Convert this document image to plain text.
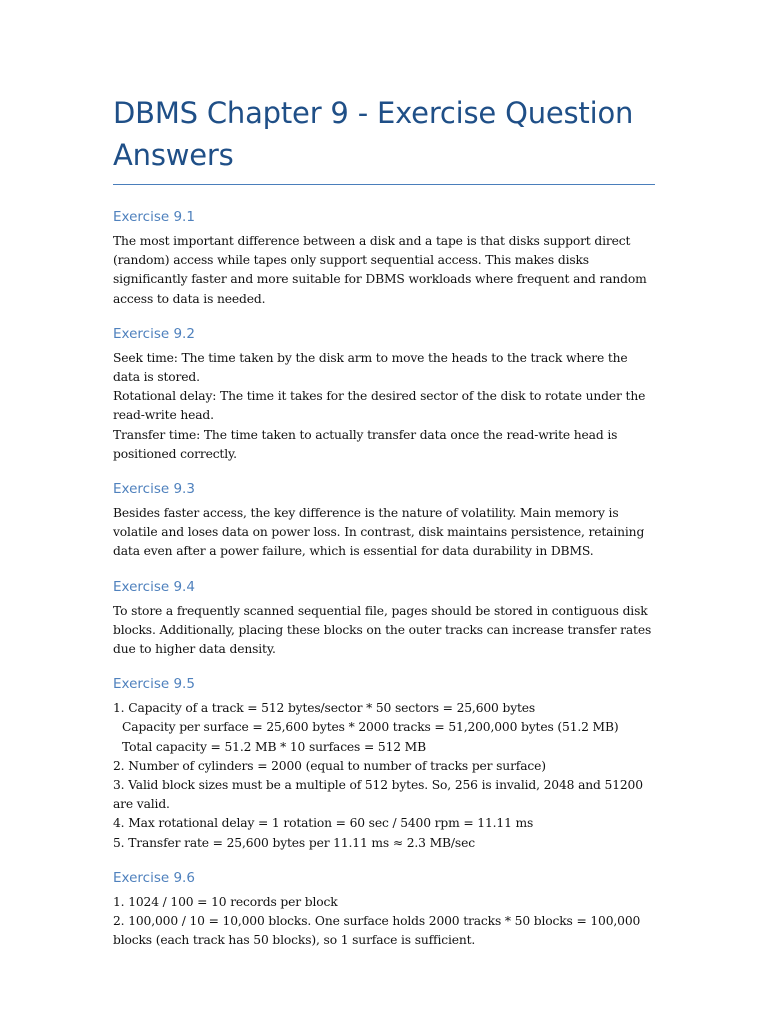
DBMS Chapter 9 - Exercise Question Answers
Exercise 9.1

The most important difference between a disk and a tape is that disks support direct (random) access while tapes only support sequential access. This makes disks significantly faster and more suitable for DBMS workloads where frequent and random access to data is needed.

Exercise 9.2

Seek time: The time taken by the disk arm to move the heads to the track where the data is stored.

Rotational delay: The time it takes for the desired sector of the disk to rotate under the read-write head.

Transfer time: The time taken to actually transfer data once the read-write head is positioned correctly.

Exercise 9.3

Besides faster access, the key difference is the nature of volatility. Main memory is volatile and loses data on power loss. In contrast, disk maintains persistence, retaining data even after a power failure, which is essential for data durability in DBMS.

Exercise 9.4

To store a frequently scanned sequential file, pages should be stored in contiguous disk blocks. Additionally, placing these blocks on the outer tracks can increase transfer rates due to higher data density.

Exercise 9.5

1. Capacity of a track = 512 bytes/sector * 50 sectors = 25,600 bytes

Capacity per surface = 25,600 bytes * 2000 tracks = 51,200,000 bytes (51.2 MB)

Total capacity = 51.2 MB * 10 surfaces = 512 MB

2. Number of cylinders = 2000 (equal to number of tracks per surface)

3. Valid block sizes must be a multiple of 512 bytes. So, 256 is invalid, 2048 and 51200 are valid.

4. Max rotational delay = 1 rotation = 60 sec / 5400 rpm = 11.11 ms

5. Transfer rate = 25,600 bytes per 11.11 ms ≈ 2.3 MB/sec

Exercise 9.6

1. 1024 / 100 = 10 records per block

2. 100,000 / 10 = 10,000 blocks. One surface holds 2000 tracks * 50 blocks = 100,000 blocks (each track has 50 blocks), so 1 surface is sufficient.
